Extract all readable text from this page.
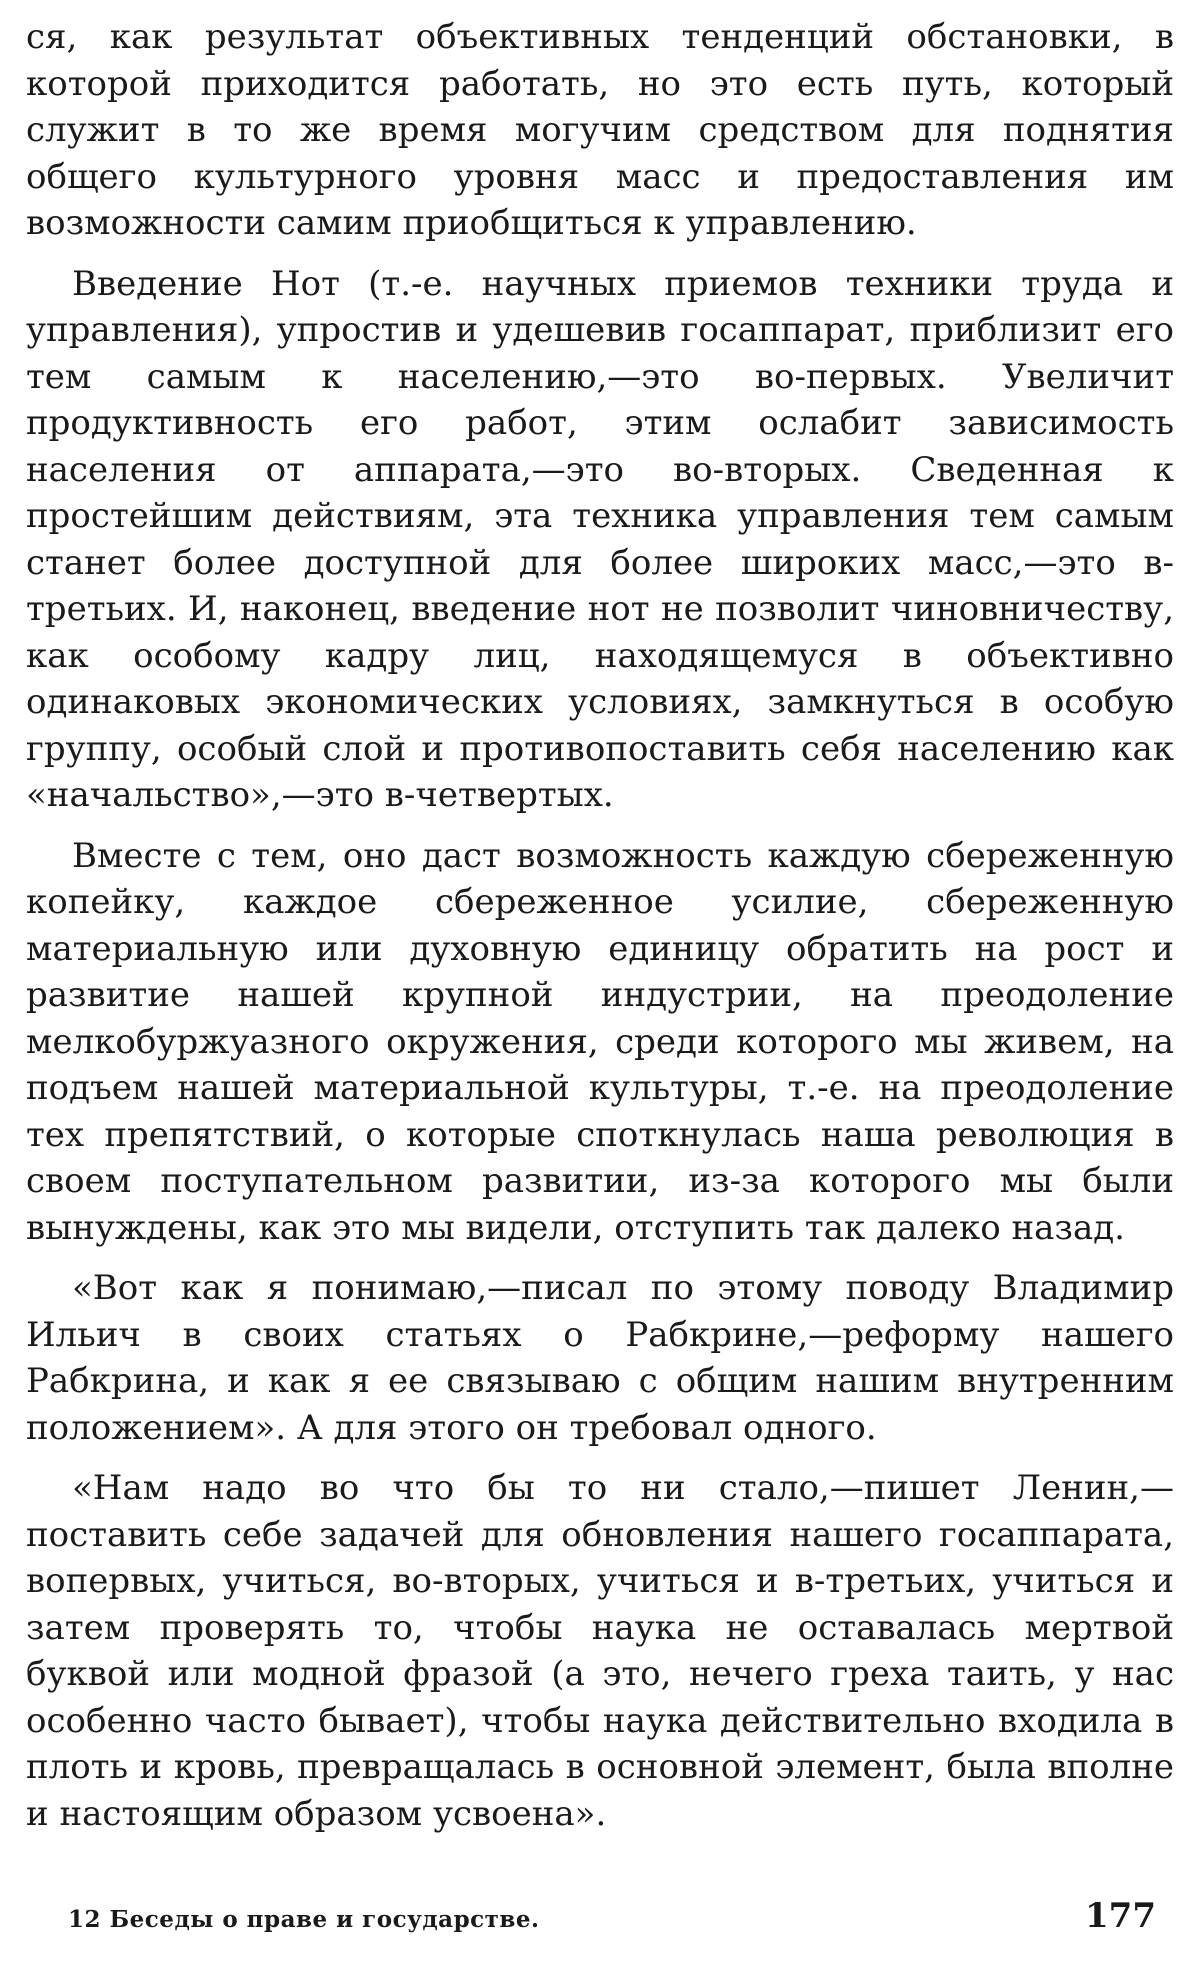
ся, как результат объективных тенденций обстановки, в которой приходится работать, но это есть путь, который служит в то же время могучим средством для поднятия общего культурного уровня масс и предоставления им возможности самим приобщиться к управлению.

Введение Нот (т.-е. научных приемов техники труда и управления), упростив и удешевив госаппарат, приблизит его тем самым к населению,—это во-первых. Увеличит продуктивность его работ, этим ослабит зависимость населения от аппарата,—это во-вторых. Сведенная к простейшим действиям, эта техника управления тем самым станет более доступной для более широких масс,—это в-третьих. И, наконец, введение нот не позволит чиновничеству, как особому кадру лиц, находящемуся в объективно одинаковых экономических условиях, замкнуться в особую группу, особый слой и противопоставить себя населению как «начальство»,—это в-четвертых.

Вместе с тем, оно даст возможность каждую сбереженную копейку, каждое сбереженное усилие, сбереженную материальную или духовную единицу обратить на рост и развитие нашей крупной индустрии, на преодоление мелкобуржуазного окружения, среди которого мы живем, на подъем нашей материальной культуры, т.-е. на преодоление тех препятствий, о которые споткнулась наша революция в своем поступательном развитии, из-за которого мы были вынуждены, как это мы видели, отступить так далеко назад.

«Вот как я понимаю,—писал по этому поводу Владимир Ильич в своих статьях о Рабкрине,—реформу нашего Рабкрина, и как я ее связываю с общим нашим внутренним положением». А для этого он требовал одного.

«Нам надо во что бы то ни стало,—пишет Ленин,—поставить себе задачей для обновления нашего госаппарата, вопервых, учиться, во-вторых, учиться и в-третьих, учиться и затем проверять то, чтобы наука не оставалась мертвой буквой или модной фразой (а это, нечего греха таить, у нас особенно часто бывает), чтобы наука действительно входила в плоть и кровь, превращалась в основной элемент, была вполне и настоящим образом усвоена».

12 Беседы о праве и государстве.	177
